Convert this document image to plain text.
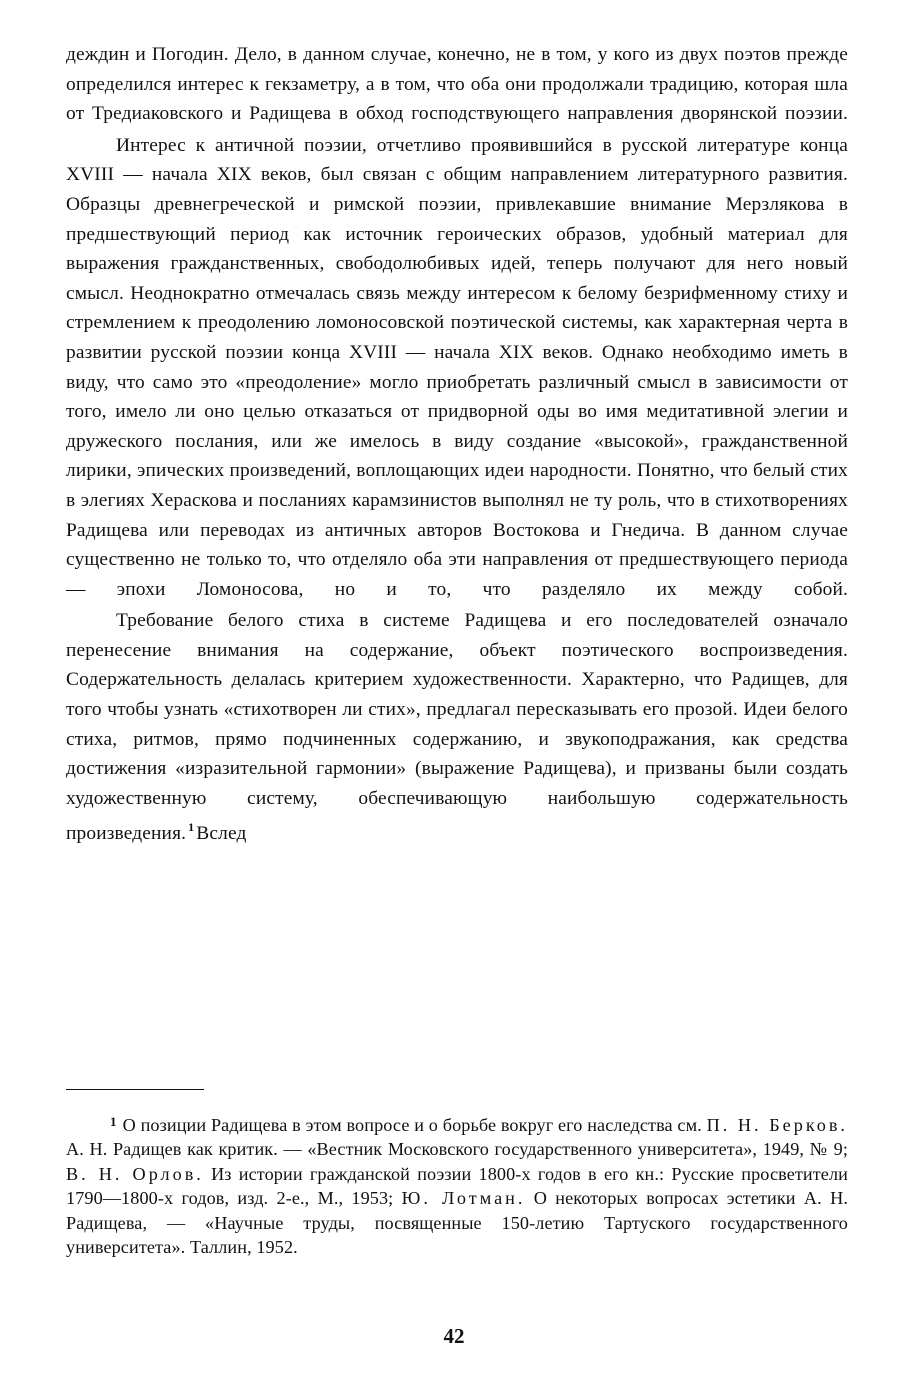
деждин и Погодин. Дело, в данном случае, конечно, не в том, у кого из двух поэтов прежде определился интерес к гекзаметру, а в том, что оба они продолжали традицию, которая шла от Тредиаковского и Радищева в обход господствующего направления дворянской поэзии.

Интерес к античной поэзии, отчетливо проявившийся в русской литературе конца XVIII — начала XIX веков, был связан с общим направлением литературного развития. Образцы древнегреческой и римской поэзии, привлекавшие внимание Мерзлякова в предшествующий период как источник героических образов, удобный материал для выражения гражданственных, свободолюбивых идей, теперь получают для него новый смысл. Неоднократно отмечалась связь между интересом к белому безрифменному стиху и стремлением к преодолению ломоносовской поэтической системы, как характерная черта в развитии русской поэзии конца XVIII — начала XIX веков. Однако необходимо иметь в виду, что само это «преодоление» могло приобретать различный смысл в зависимости от того, имело ли оно целью отказаться от придворной оды во имя медитативной элегии и дружеского послания, или же имелось в виду создание «высокой», гражданственной лирики, эпических произведений, воплощающих идеи народности. Понятно, что белый стих в элегиях Хераскова и посланиях карамзинистов выполнял не ту роль, что в стихотворениях Радищева или переводах из античных авторов Востокова и Гнедича. В данном случае существенно не только то, что отделяло оба эти направления от предшествующего периода — эпохи Ломоносова, но и то, что разделяло их между собой.

Требование белого стиха в системе Радищева и его последователей означало перенесение внимания на содержание, объект поэтического воспроизведения. Содержательность делалась критерием художественности. Характерно, что Радищев, для того чтобы узнать «стихотворен ли стих», предлагал пересказывать его прозой. Идеи белого стиха, ритмов, прямо подчиненных содержанию, и звукоподражания, как средства достижения «изразительной гармонии» (выражение Радищева), и призваны были создать художественную систему, обеспечивающую наибольшую содержательность произведения. $^1$ Вслед

$^1$ О позиции Радищева в этом вопросе и о борьбе вокруг его наследства см. П. Н. Берков. А. Н. Радищев как критик. — «Вестник Московского государственного университета», 1949, № 9; В. Н. Орлов. Из истории гражданской поэзии 1800-х годов в его кн.: Русские просветители 1790—1800-х годов, изд. 2-е., М., 1953; Ю. Лотман. О некоторых вопросах эстетики А. Н. Радищева, — «Научные труды, посвященные 150-летию Тартуского государственного университета». Таллин, 1952.

42
